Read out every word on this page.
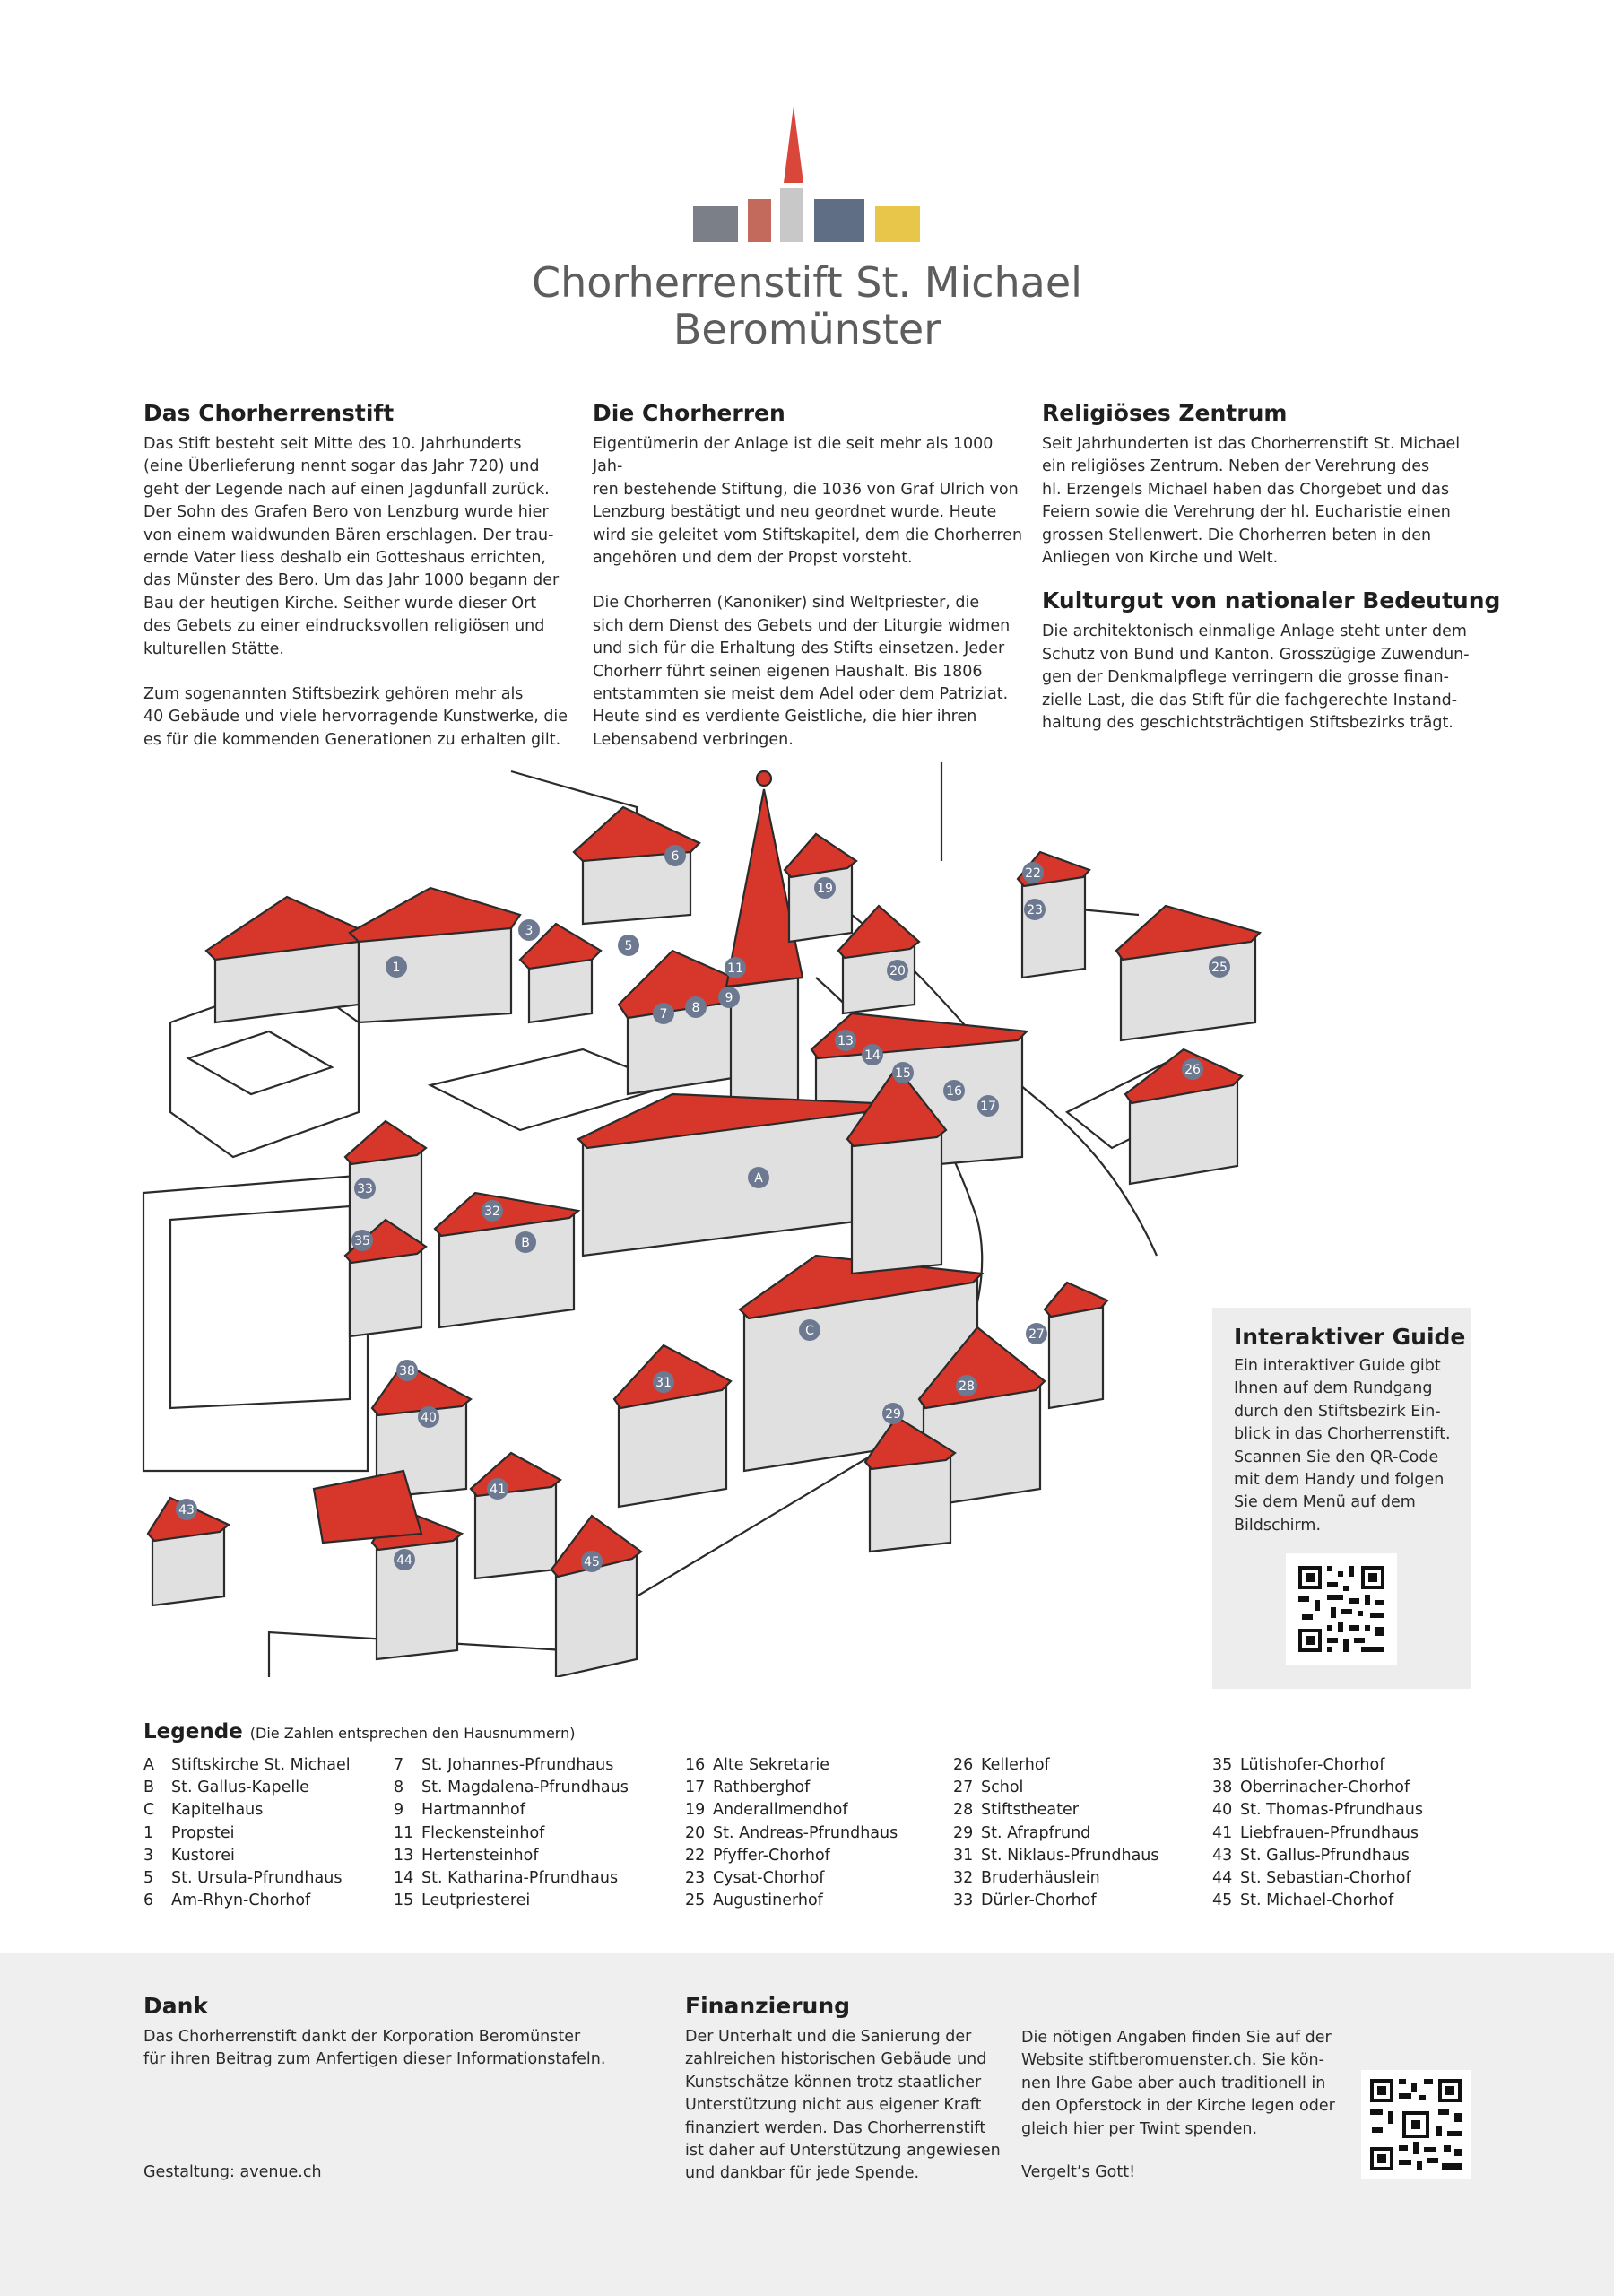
Chorherrenstift St. Michael
Beromünster
Das Chorherrenstift

Das Stift besteht seit Mitte des 10. Jahrhunderts
(eine Überlieferung nennt sogar das Jahr 720) und
geht der Legende nach auf einen Jagdunfall zurück.
Der Sohn des Grafen Bero von Lenzburg wurde hier
von einem waidwunden Bären erschlagen. Der trau-
ernde Vater liess deshalb ein Gotteshaus errichten,
das Münster des Bero. Um das Jahr 1000 begann der
Bau der heutigen Kirche. Seither wurde dieser Ort
des Gebets zu einer eindrucksvollen religiösen und
kulturellen Stätte.

Zum sogenannten Stiftsbezirk gehören mehr als
40 Gebäude und viele hervorragende Kunstwerke, die
es für die kommenden Generationen zu erhalten gilt.

Die Chorherren

Eigentümerin der Anlage ist die seit mehr als 1000 Jah-
ren bestehende Stiftung, die 1036 von Graf Ulrich von
Lenzburg bestätigt und neu geordnet wurde. Heute
wird sie geleitet vom Stiftskapitel, dem die Chorherren
angehören und dem der Propst vorsteht.

Die Chorherren (Kanoniker) sind Weltpriester, die
sich dem Dienst des Gebets und der Liturgie widmen
und sich für die Erhaltung des Stifts einsetzen. Jeder
Chorherr führt seinen eigenen Haushalt. Bis 1806
entstammten sie meist dem Adel oder dem Patriziat.
Heute sind es verdiente Geistliche, die hier ihren
Lebensabend verbringen.

Religiöses Zentrum

Seit Jahrhunderten ist das Chorherrenstift St. Michael
ein religiöses Zentrum. Neben der Verehrung des
hl. Erzengels Michael haben das Chorgebet und das
Feiern sowie die Verehrung der hl. Eucharistie einen
grossen Stellenwert. Die Chorherren beten in den
Anliegen von Kirche und Welt.

Kulturgut von nationaler Bedeutung

Die architektonisch einmalige Anlage steht unter dem
Schutz von Bund und Kanton. Grosszügige Zuwendun-
gen der Denkmalpflege verringern die grosse finan-
zielle Last, die das Stift für die fachgerechte Instand-
haltung des geschichtsträchtigen Stiftsbezirks trägt.

A
B
C
1
3
5
6
7 8
9
11
13
14
15
16
17
19
20
22
23
25
26
27
28
29
31
32
33
35
38
40
41
43
44	45
Interaktiver Guide
Ein interaktiver Guide gibt
Ihnen auf dem Rundgang
durch den Stiftsbezirk Ein-
blick in das Chorherrenstift.
Scannen Sie den QR-Code
mit dem Handy und folgen
Sie dem Menü auf dem
Bildschirm.
Legende (Die Zahlen entsprechen den Hausnummern)
A	Stiftskirche St. Michael
B	St. Gallus-Kapelle
C	Kapitelhaus
1	Propstei
3	Kustorei
5	St. Ursula-Pfrundhaus
6	Am-Rhyn-Chorhof
7	St. Johannes-Pfrundhaus
8	St. Magdalena-Pfrundhaus
9	Hartmannhof
11 Fleckensteinhof
13 Hertensteinhof
14 St. Katharina-Pfrundhaus
15 Leutpriesterei
16 Alte Sekretarie
17 Rathberghof
19 Anderallmendhof
20 St. Andreas-Pfrundhaus
22 Pfyffer-Chorhof
23 Cysat-Chorhof
25 Augustinerhof
26 Kellerhof
27 Schol
28 Stiftstheater
29 St. Afrapfrund
31 St. Niklaus-Pfrundhaus
32 Bruderhäuslein
33 Dürler-Chorhof
35 Lütishofer-Chorhof
38 Oberrinacher-Chorhof
40 St. Thomas-Pfrundhaus
41 Liebfrauen-Pfrundhaus
43 St. Gallus-Pfrundhaus
44 St. Sebastian-Chorhof
45 St. Michael-Chorhof
Dank
Das Chorherrenstift dankt der Korporation Beromünster
für ihren Beitrag zum Anfertigen dieser Informationstafeln.
Gestaltung: avenue.ch
Finanzierung
Der Unterhalt und die Sanierung der
zahlreichen historischen Gebäude und
Kunstschätze können trotz staatlicher
Unterstützung nicht aus eigener Kraft
finanziert werden. Das Chorherrenstift
ist daher auf Unterstützung angewiesen
und dankbar für jede Spende.
Die nötigen Angaben finden Sie auf der
Website stiftberomuenster.ch. Sie kön-
nen Ihre Gabe aber auch traditionell in
den Opferstock in der Kirche legen oder
gleich hier per Twint spenden.
Vergelt’s Gott!
